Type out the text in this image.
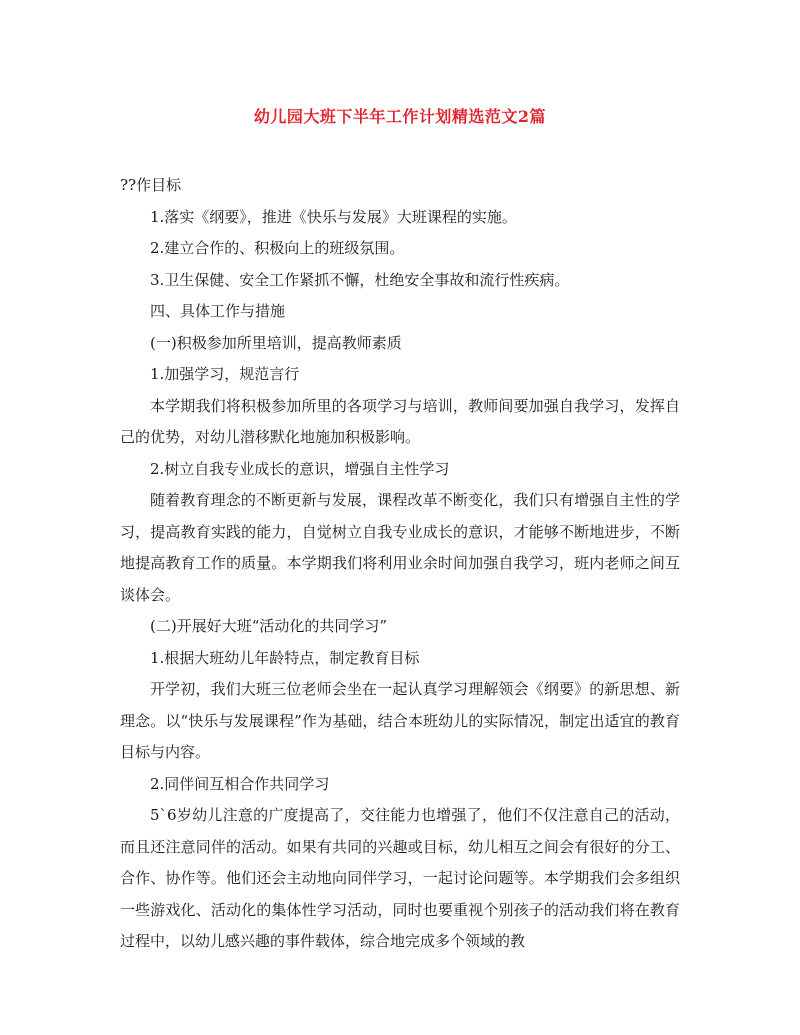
幼儿园大班下半年工作计划精选范文2篇

??作目标

1.落实《纲要》，推进《快乐与发展》大班课程的实施。

2.建立合作的、积极向上的班级氛围。

3.卫生保健、安全工作紧抓不懈，杜绝安全事故和流行性疾病。

四、具体工作与措施

(一)积极参加所里培训，提高教师素质

1.加强学习，规范言行

本学期我们将积极参加所里的各项学习与培训，教师间要加强自我学习，发挥自己的优势，对幼儿潜移默化地施加积极影响。

2.树立自我专业成长的意识，增强自主性学习

随着教育理念的不断更新与发展，课程改革不断变化，我们只有增强自主性的学习，提高教育实践的能力，自觉树立自我专业成长的意识，才能够不断地进步，不断地提高教育工作的质量。本学期我们将利用业余时间加强自我学习，班内老师之间互谈体会。

(二)开展好大班“活动化的共同学习”

1.根据大班幼儿年龄特点，制定教育目标

开学初，我们大班三位老师会坐在一起认真学习理解领会《纲要》的新思想、新理念。以“快乐与发展课程”作为基础，结合本班幼儿的实际情况，制定出适宜的教育目标与内容。

2.同伴间互相合作共同学习

5`6岁幼儿注意的广度提高了，交往能力也增强了，他们不仅注意自己的活动，而且还注意同伴的活动。如果有共同的兴趣或目标，幼儿相互之间会有很好的分工、合作、协作等。他们还会主动地向同伴学习，一起讨论问题等。本学期我们会多组织一些游戏化、活动化的集体性学习活动，同时也要重视个别孩子的活动我们将在教育过程中，以幼儿感兴趣的事件载体，综合地完成多个领域的教
